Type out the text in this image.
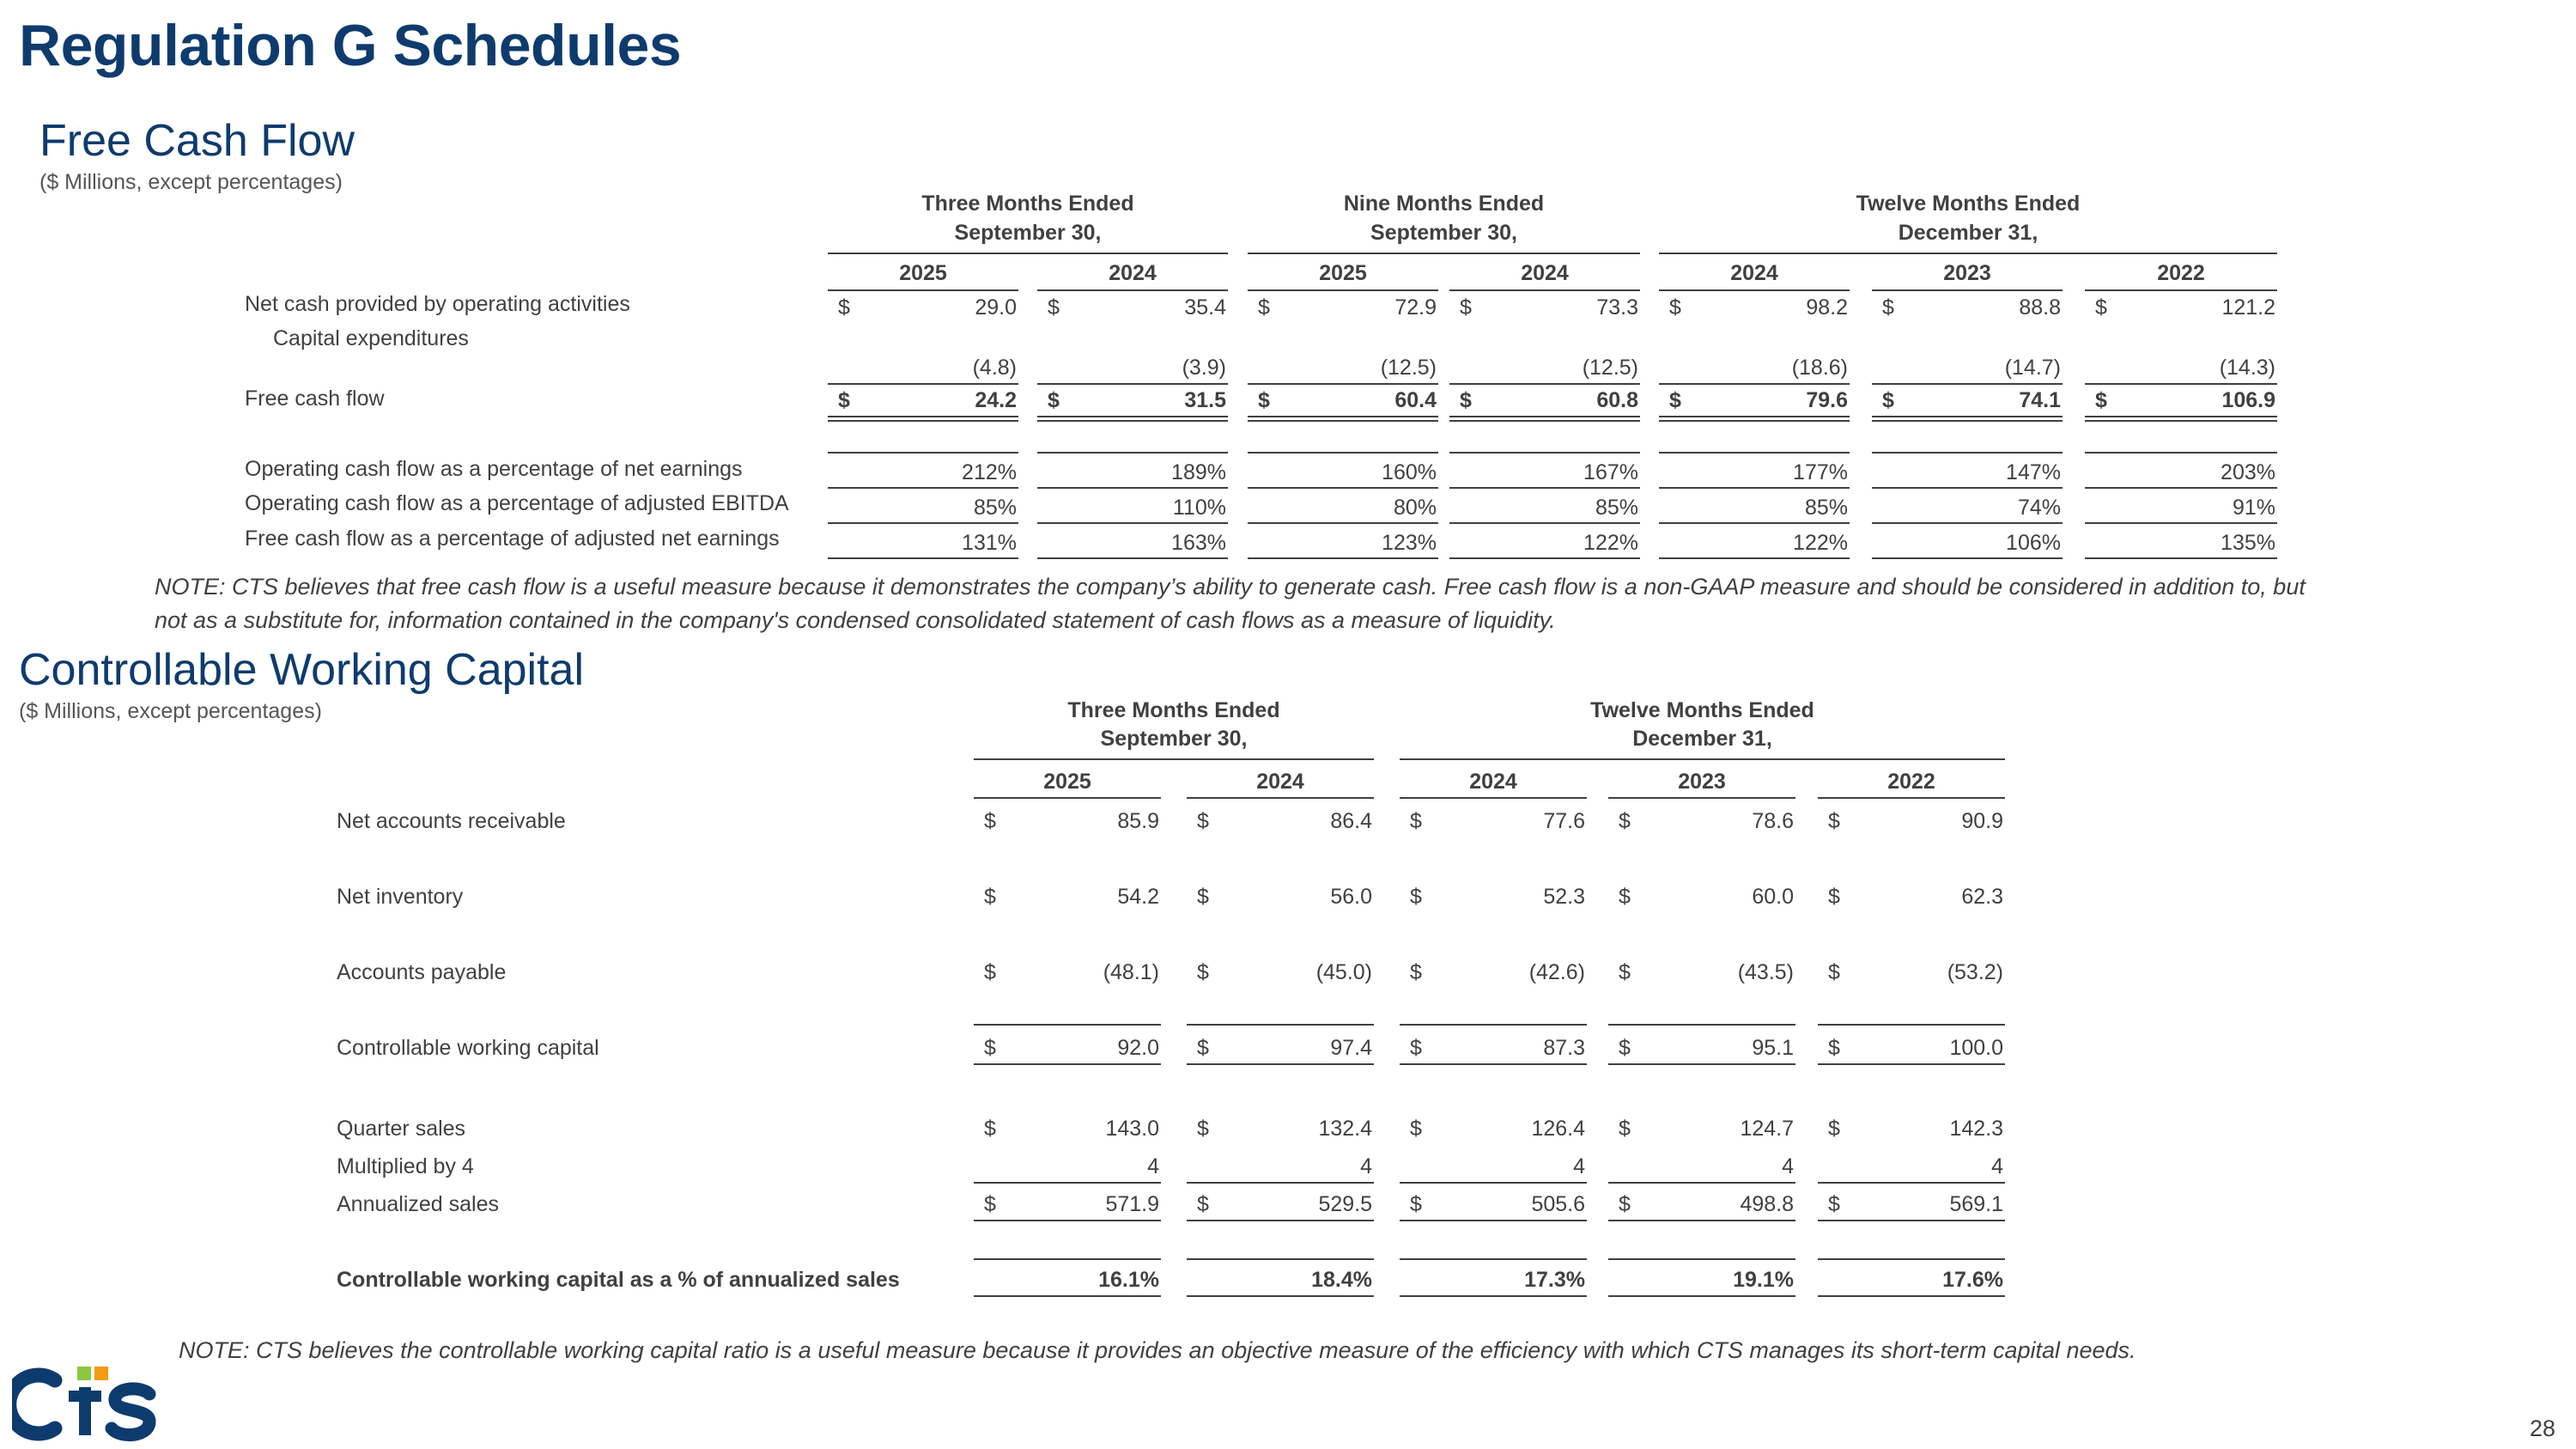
Regulation G Schedules
Free Cash Flow
($ Millions, except percentages)
Three Months Ended
September 30,
Nine Months Ended
September 30,
Twelve Months Ended
December 31,
2025	2024	2025	2024	2024	2023	2022
Net cash provided by operating activities	$	29.0 $	35.4 $	72.9 $	73.3 $	98.2 $	88.8 $	121.2
Capital expenditures
(4.8)	(3.9)	(12.5)	(12.5)	(18.6)	(14.7)	(14.3)
Free cash flow	$	24.2 $	31.5 $	60.4 $	60.8 $	79.6 $	74.1 $	106.9
Operating cash flow as a percentage of net earnings	212%	189%	160%	167%	177%	147%	203%
Operating cash flow as a percentage of adjusted EBITDA	85%	110%	80%	85%	85%	74%	91%
Free cash flow as a percentage of adjusted net earnings	131%	163%	123%	122%	122%	106%	135%
NOTE: CTS believes that free cash flow is a useful measure because it demonstrates the company’s ability to generate cash. Free cash flow is a non-GAAP measure and should be considered in addition to, but
not as a substitute for, information contained in the company's condensed consolidated statement of cash flows as a measure of liquidity.
Controllable Working Capital
($ Millions, except percentages)	Three Months Ended
September 30,
Twelve Months Ended
December 31,
2025	2024	2024	2023	2022
Net accounts receivable	$	85.9 $	86.4 $	77.6 $	78.6 $	90.9
Net inventory	$	54.2 $	56.0 $	52.3 $	60.0 $	62.3
Accounts payable	$	(48.1) $	(45.0) $	(42.6) $	(43.5) $	(53.2)
Controllable working capital	$	92.0 $	97.4 $	87.3 $	95.1 $	100.0
Quarter sales	$	143.0 $	132.4 $	126.4 $	124.7 $	142.3
Multiplied by 4	4	4	4	4	4
Annualized sales	$	571.9 $	529.5 $	505.6 $	498.8 $	569.1
Controllable working capital as a % of annualized sales	16.1%	18.4%	17.3%	19.1%	17.6%
NOTE: CTS believes the controllable working capital ratio is a useful measure because it provides an objective measure of the efficiency with which CTS manages its short-term capital needs.
28
